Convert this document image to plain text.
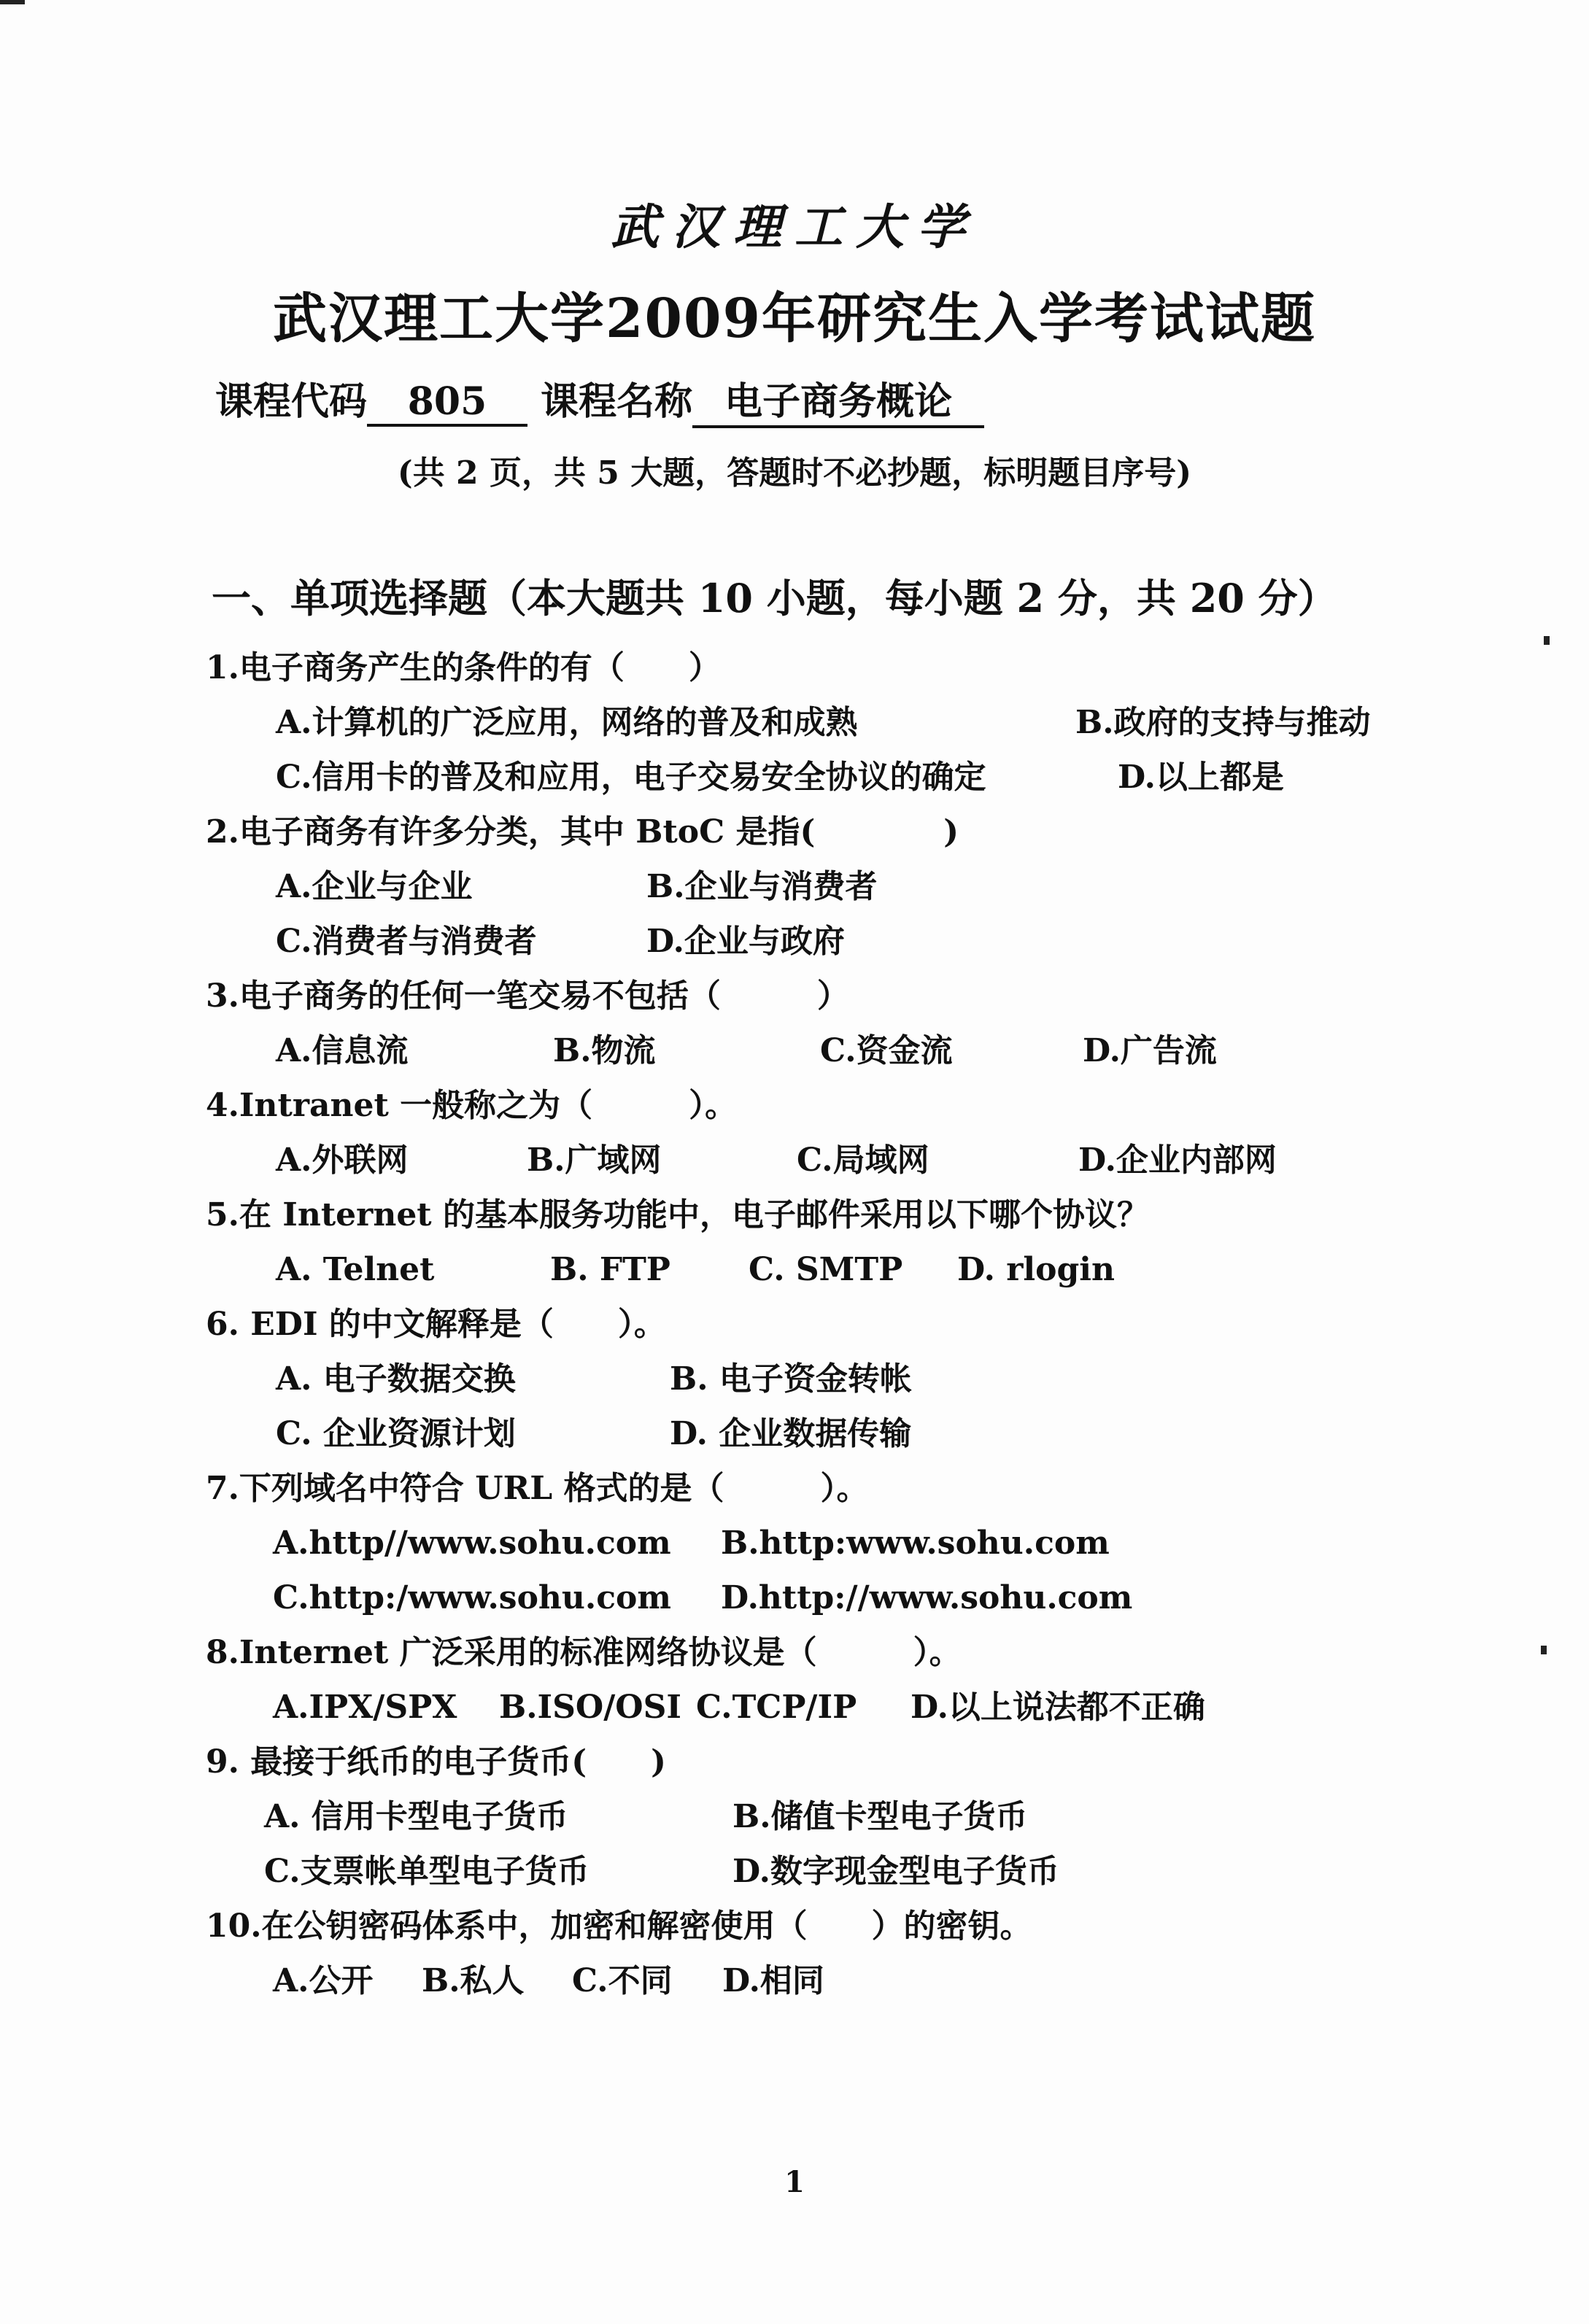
武汉理工大学
武汉理工大学2009年研究生入学考试试题
课程代码 805 课程名称 电子商务概论
(共 2 页，共 5 大题，答题时不必抄题，标明题目序号)
一、单项选择题（本大题共 10 小题，每小题 2 分，共 20 分）
1.电子商务产生的条件的有（　　）
A.计算机的广泛应用，网络的普及和成熟	B.政府的支持与推动
C.信用卡的普及和应用，电子交易安全协议的确定	D.以上都是
2.电子商务有许多分类，其中 BtoC 是指(　　　　)
A.企业与企业	B.企业与消费者
C.消费者与消费者	D.企业与政府
3.电子商务的任何一笔交易不包括（　　　）
A.信息流	B.物流	C.资金流	D.广告流
4.Intranet 一般称之为（　　　）。
A.外联网	B.广域网	C.局域网	D.企业内部网
5.在 Internet 的基本服务功能中，电子邮件采用以下哪个协议？
A. Telnet	B. FTP C. SMTP D. rlogin
6. EDI 的中文解释是（　　）。
A. 电子数据交换	B. 电子资金转帐
C. 企业资源计划	D. 企业数据传输
7.下列域名中符合 URL 格式的是（　　　）。
A.http//www.sohu.com B.http:www.sohu.com
C.http:/www.sohu.com D.http://www.sohu.com
8.Internet 广泛采用的标准网络协议是（　　　）。
A.IPX/SPX B.ISO/OSI C.TCP/IP D.以上说法都不正确
9. 最接于纸币的电子货币(　　)
A. 信用卡型电子货币	B.储值卡型电子货币
C.支票帐单型电子货币	D.数字现金型电子货币
10.在公钥密码体系中，加密和解密使用（　　）的密钥。
A.公开 B.私人 C.不同 D.相同
1
